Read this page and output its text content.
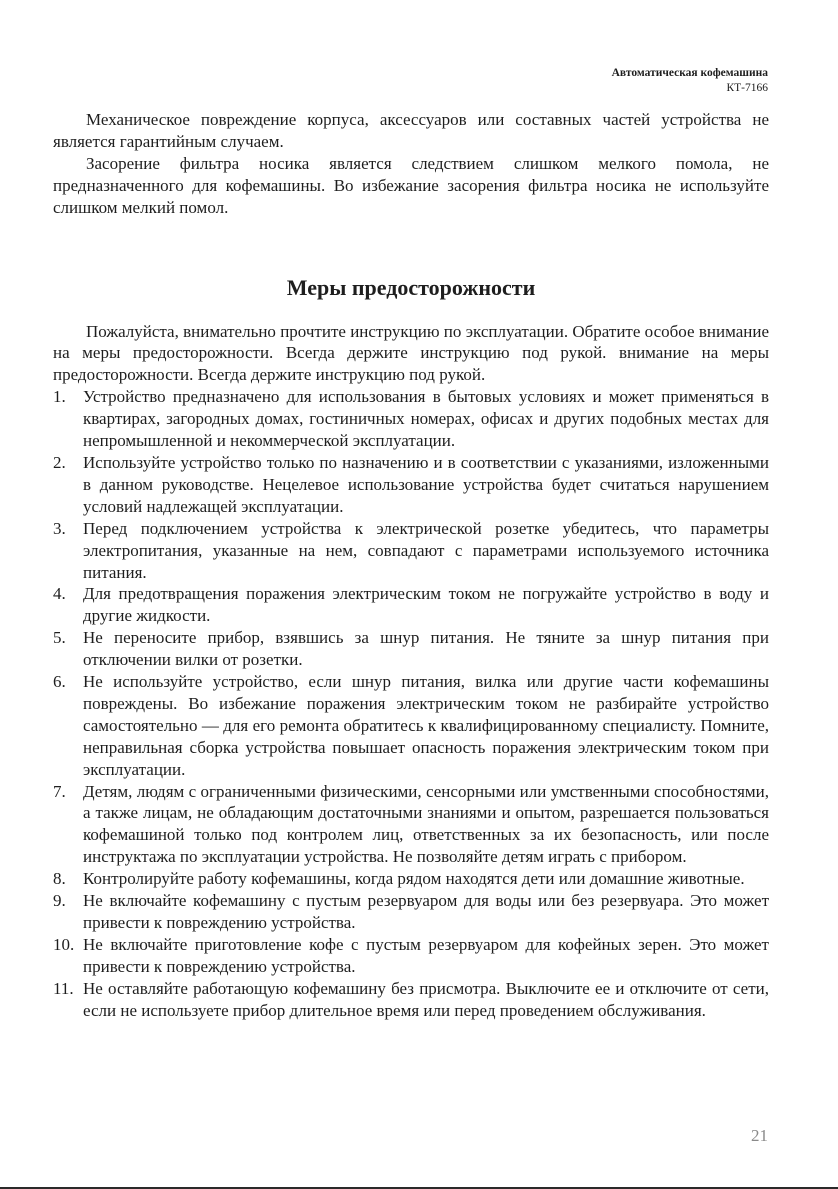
Автоматическая кофемашина
КТ-7166

Механическое повреждение корпуса, аксессуаров или составных частей устройства не является гарантийным случаем.

Засорение фильтра носика является следствием слишком мелкого помола, не предназначенного для кофемашины. Во избежание засорения фильтра носика не используйте слишком мелкий помол.

Меры предосторожности

Пожалуйста, внимательно прочтите инструкцию по эксплуатации. Обратите особое внимание на меры предосторожности. Всегда держите инструкцию под рукой. внимание на меры предосторожности. Всегда держите инструкцию под рукой.

1.	Устройство предназначено для использования в бытовых условиях и может применяться в квартирах, загородных домах, гостиничных номерах, офисах и других подобных местах для непромышленной и некоммерческой эксплуатации.
2.	Используйте устройство только по назначению и в соответствии с указаниями, изложенными в данном руководстве. Нецелевое использование устройства будет считаться нарушением условий надлежащей эксплуатации.
3.	Перед подключением устройства к электрической розетке убедитесь, что параметры электропитания, указанные на нем, совпадают с параметрами используемого источника питания.
4.	Для предотвращения поражения электрическим током не погружайте устройство в воду и другие жидкости.
5.	Не переносите прибор, взявшись за шнур питания. Не тяните за шнур питания при отключении вилки от розетки.
6.	Не используйте устройство, если шнур питания, вилка или другие части кофемашины повреждены. Во избежание поражения электрическим током не разбирайте устройство самостоятельно — для его ремонта обратитесь к квалифицированному специалисту. Помните, неправильная сборка устройства повышает опасность поражения электрическим током при эксплуатации.
7.	Детям, людям с ограниченными физическими, сенсорными или умственными способностями, а также лицам, не обладающим достаточными знаниями и опытом, разрешается пользоваться кофемашиной только под контролем лиц, ответственных за их безопасность, или после инструктажа по эксплуатации устройства. Не позволяйте детям играть с прибором.
8.	Контролируйте работу кофемашины, когда рядом находятся дети или домашние животные.
9.	Не включайте кофемашину с пустым резервуаром для воды или без резервуара. Это может привести к повреждению устройства.
10. Не включайте приготовление кофе с пустым резервуаром для кофейных зерен. Это может привести к повреждению устройства.
11. Не оставляйте работающую кофемашину без присмотра. Выключите ее и отключите от сети, если не используете прибор длительное время или перед проведением обслуживания.
21
